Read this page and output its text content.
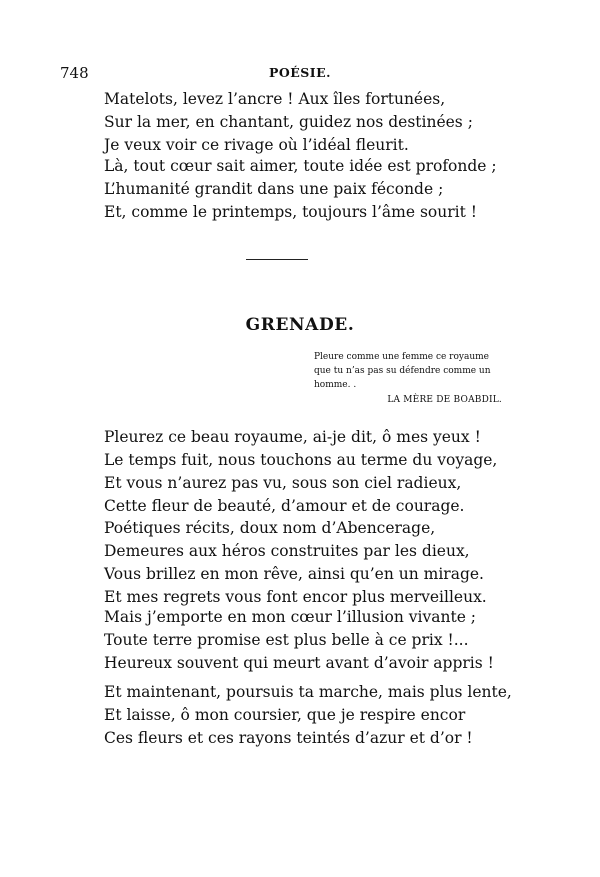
748	POÉSIE.
Matelots, levez l’ancre ! Aux îles fortunées,
Sur la mer, en chantant, guidez nos destinées ;
Je veux voir ce rivage où l’idéal fleurit.
Là, tout cœur sait aimer, toute idée est profonde ;
L’humanité grandit dans une paix féconde ;
Et, comme le printemps, toujours l’âme sourit !
GRENADE.
Pleure comme une femme ce royaume que tu n’as pas su défendre comme un homme. .
LA MÈRE DE BOABDIL.
Pleurez ce beau royaume, ai-je dit, ô mes yeux !
Le temps fuit, nous touchons au terme du voyage,
Et vous n’aurez pas vu, sous son ciel radieux,
Cette fleur de beauté, d’amour et de courage.
Poétiques récits, doux nom d’Abencerage,
Demeures aux héros construites par les dieux,
Vous brillez en mon rêve, ainsi qu’en un mirage.
Et mes regrets vous font encor plus merveilleux.
Mais j’emporte en mon cœur l’illusion vivante ;
Toute terre promise est plus belle à ce prix !...
Heureux souvent qui meurt avant d’avoir appris !
Et maintenant, poursuis ta marche, mais plus lente,
Et laisse, ô mon coursier, que je respire encor
Ces fleurs et ces rayons teintés d’azur et d’or !
